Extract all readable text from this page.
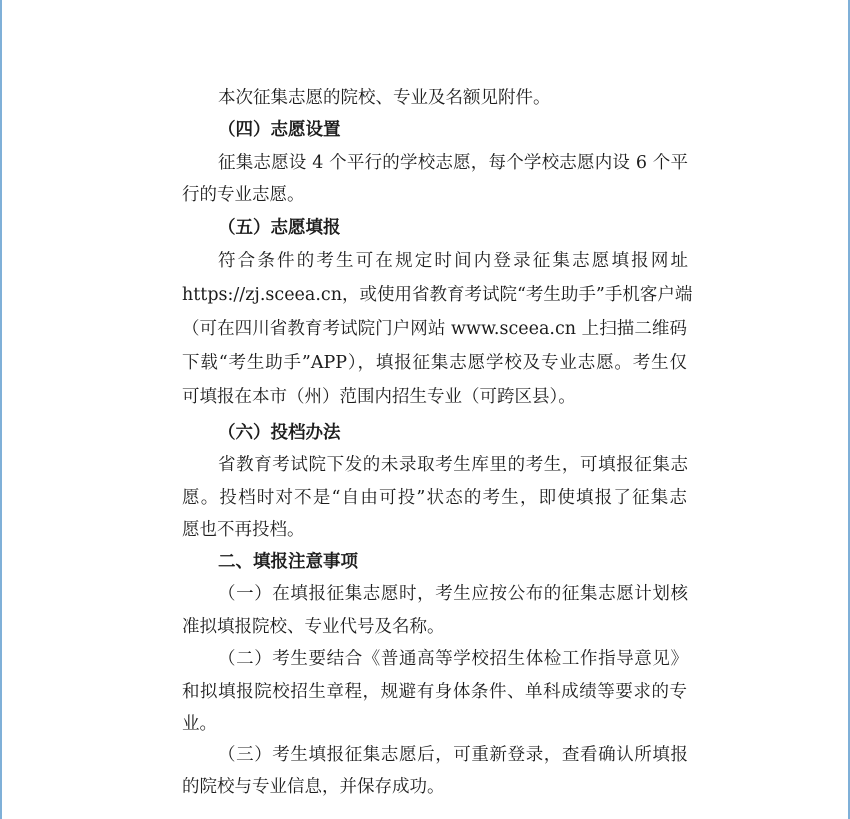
本次征集志愿的院校、专业及名额见附件。
（四）志愿设置
征集志愿设 4 个平行的学校志愿，每个学校志愿内设 6 个平
行的专业志愿。
（五）志愿填报
符合条件的考生可在规定时间内登录征集志愿填报网址
https://zj.sceea.cn，或使用省教育考试院“考生助手”手机客户端
（可在四川省教育考试院门户网站 www.sceea.cn 上扫描二维码
下载“考生助手”APP），填报征集志愿学校及专业志愿。考生仅
可填报在本市（州）范围内招生专业（可跨区县）。
（六）投档办法
省教育考试院下发的未录取考生库里的考生，可填报征集志
愿。投档时对不是“自由可投”状态的考生，即使填报了征集志
愿也不再投档。
二、填报注意事项
（一）在填报征集志愿时，考生应按公布的征集志愿计划核
准拟填报院校、专业代号及名称。
（二）考生要结合《普通高等学校招生体检工作指导意见》
和拟填报院校招生章程，规避有身体条件、单科成绩等要求的专
业。
（三）考生填报征集志愿后，可重新登录，查看确认所填报
的院校与专业信息，并保存成功。
